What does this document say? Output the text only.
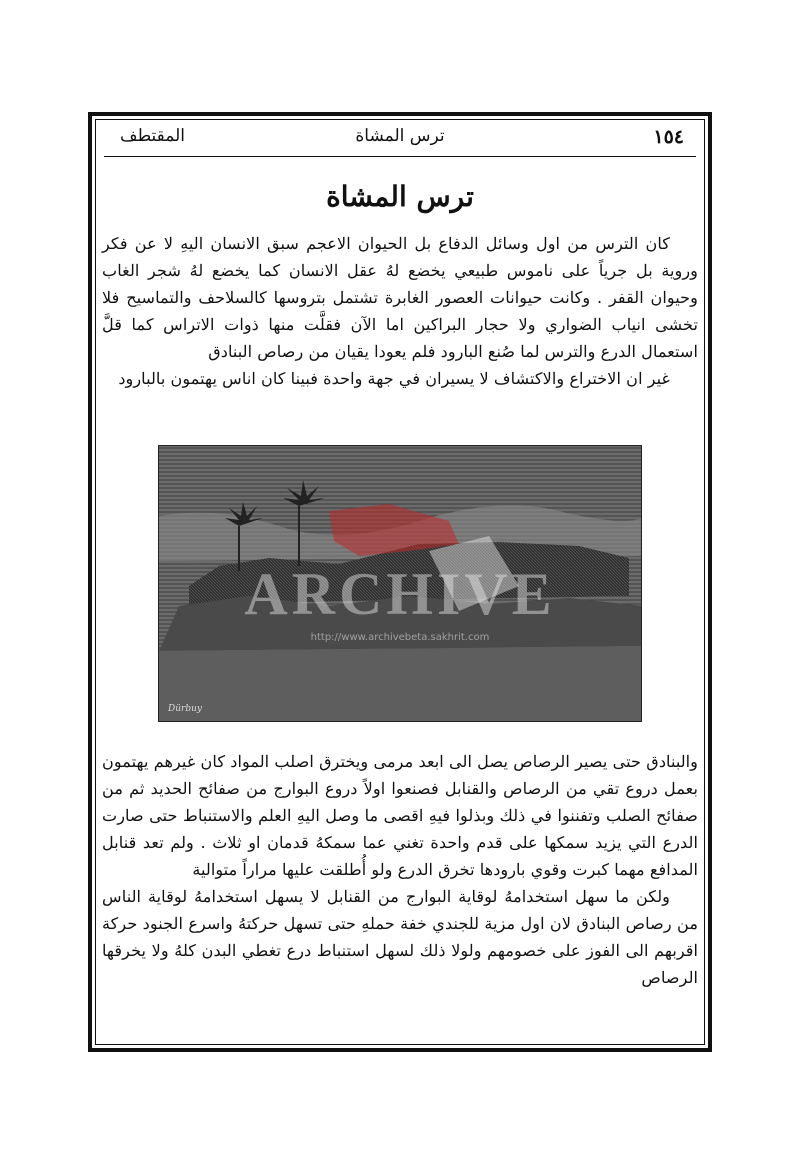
١٥٤
ترس المشاة
المقتطف
ترس المشاة

كان الترس من اول وسائل الدفاع بل الحيوان الاعجم سبق الانسان اليهِ لا عن فكر وروية بل جرياً على ناموس طبيعي يخضع لهُ عقل الانسان كما يخضع لهُ شجر الغاب وحيوان القفر . وكانت حيوانات العصور الغابرة تشتمل بتروسها كالسلاحف والتماسيح فلا تخشى انياب الضواري ولا حجار البراكين اما الآن فقلَّت منها ذوات الاتراس كما قلَّ استعمال الدرع والترس لما صُنع البارود فلم يعودا يقيان من رصاص البنادق

غير ان الاختراع والاكتشاف لا يسيران في جهة واحدة فبينا كان اناس يهتمون بالبارود

ARCHIVE
http://www.archivebeta.sakhrit.com
Dürbuy

والبنادق حتى يصير الرصاص يصل الى ابعد مرمى ويخترق اصلب المواد كان غيرهم يهتمون بعمل دروع تقي من الرصاص والقنابل فصنعوا اولاً دروع البوارج من صفائح الحديد ثم من صفائح الصلب وتفننوا في ذلك وبذلوا فيهِ اقصى ما وصل اليهِ العلم والاستنباط حتى صارت الدرع التي يزيد سمكها على قدم واحدة تغني عما سمكهُ قدمان او ثلاث . ولم تعد قنابل المدافع مهما كبرت وقوي بارودها تخرق الدرع ولو أُطلقت عليها مراراً متوالية

ولكن ما سهل استخدامهُ لوقاية البوارج من القنابل لا يسهل استخدامهُ لوقاية الناس من رصاص البنادق لان اول مزية للجندي خفة حملهِ حتى تسهل حركتهُ واسرع الجنود حركة اقربهم الى الفوز على خصومهم ولولا ذلك لسهل استنباط درع تغطي البدن كلهُ ولا يخرقها الرصاص
